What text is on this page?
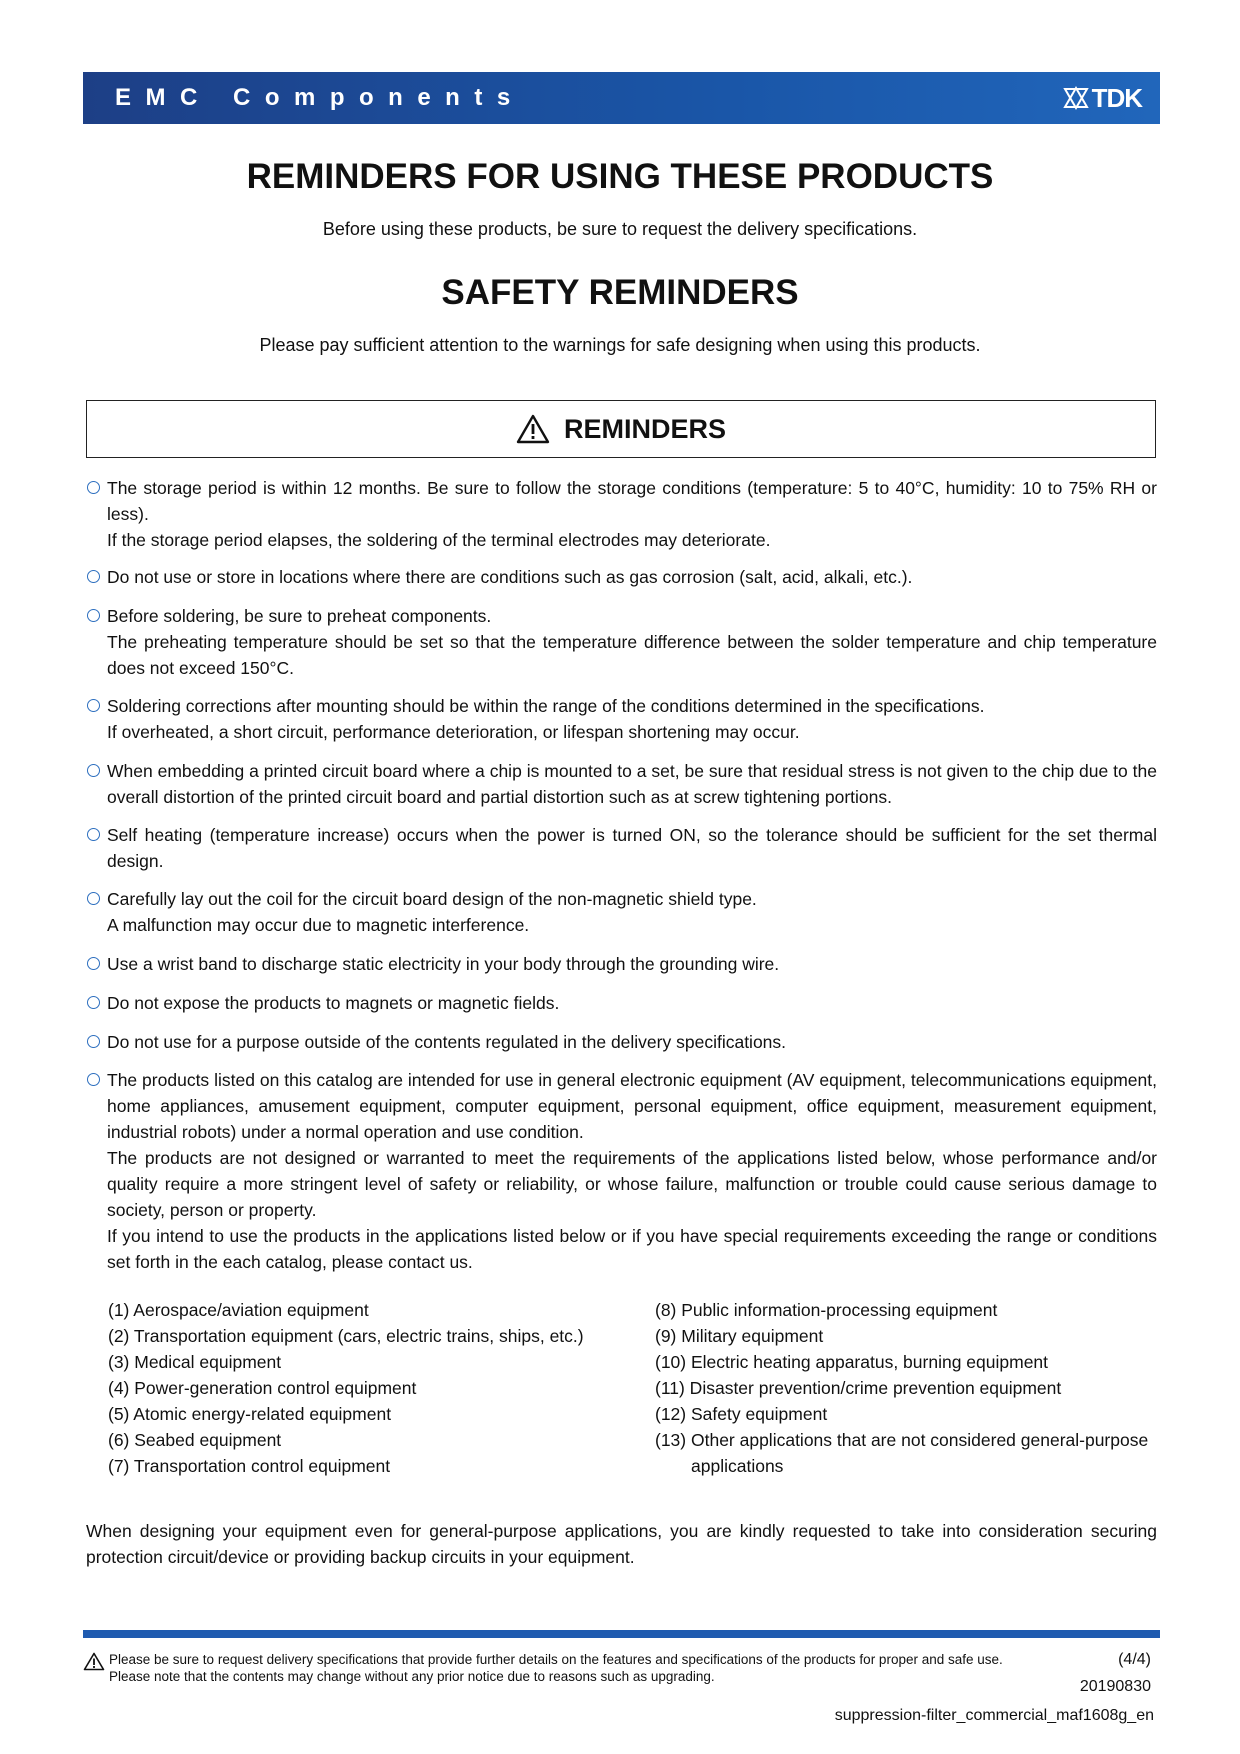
EMC Components	TDK
REMINDERS FOR USING THESE PRODUCTS
Before using these products, be sure to request the delivery specifications.
SAFETY REMINDERS
Please pay sufficient attention to the warnings for safe designing when using this products.
REMINDERS
The storage period is within 12 months. Be sure to follow the storage conditions (temperature: 5 to 40°C, humidity: 10 to 75% RH or less).
If the storage period elapses, the soldering of the terminal electrodes may deteriorate.
Do not use or store in locations where there are conditions such as gas corrosion (salt, acid, alkali, etc.).
Before soldering, be sure to preheat components.
The preheating temperature should be set so that the temperature difference between the solder temperature and chip temperature does not exceed 150°C.
Soldering corrections after mounting should be within the range of the conditions determined in the specifications.
If overheated, a short circuit, performance deterioration, or lifespan shortening may occur.
When embedding a printed circuit board where a chip is mounted to a set, be sure that residual stress is not given to the chip due to the overall distortion of the printed circuit board and partial distortion such as at screw tightening portions.
Self heating (temperature increase) occurs when the power is turned ON, so the tolerance should be sufficient for the set thermal design.
Carefully lay out the coil for the circuit board design of the non-magnetic shield type.
A malfunction may occur due to magnetic interference.
Use a wrist band to discharge static electricity in your body through the grounding wire.
Do not expose the products to magnets or magnetic fields.
Do not use for a purpose outside of the contents regulated in the delivery specifications.
The products listed on this catalog are intended for use in general electronic equipment (AV equipment, telecommunications equipment, home appliances, amusement equipment, computer equipment, personal equipment, office equipment, measurement equipment, industrial robots) under a normal operation and use condition.
The products are not designed or warranted to meet the requirements of the applications listed below, whose performance and/or quality require a more stringent level of safety or reliability, or whose failure, malfunction or trouble could cause serious damage to society, person or property.
If you intend to use the products in the applications listed below or if you have special requirements exceeding the range or conditions set forth in the each catalog, please contact us.
(1) Aerospace/aviation equipment
(2) Transportation equipment (cars, electric trains, ships, etc.)
(3) Medical equipment
(4) Power-generation control equipment
(5) Atomic energy-related equipment
(6) Seabed equipment
(7) Transportation control equipment
(8) Public information-processing equipment
(9) Military equipment
(10) Electric heating apparatus, burning equipment
(11) Disaster prevention/crime prevention equipment
(12) Safety equipment
(13) Other applications that are not considered general-purpose applications
When designing your equipment even for general-purpose applications, you are kindly requested to take into consideration securing protection circuit/device or providing backup circuits in your equipment.
Please be sure to request delivery specifications that provide further details on the features and specifications of the products for proper and safe use.
Please note that the contents may change without any prior notice due to reasons such as upgrading.
(4/4)
20190830
suppression-filter_commercial_maf1608g_en
